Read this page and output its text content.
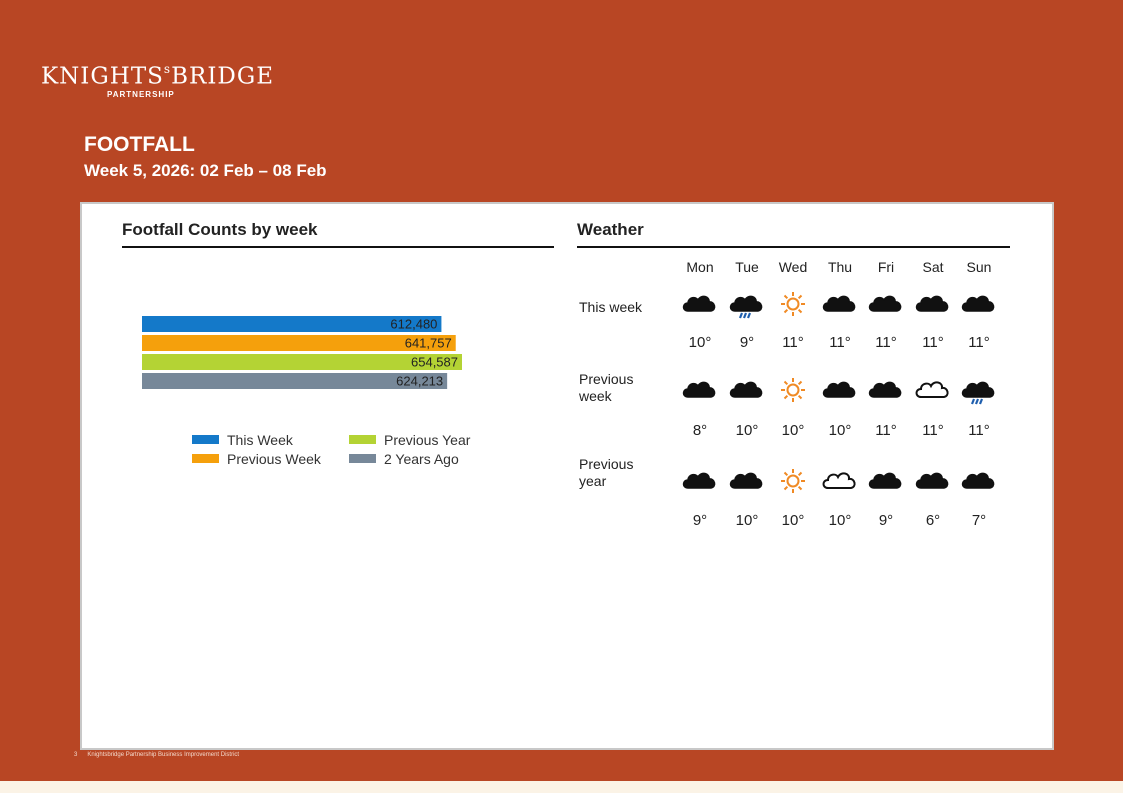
KNIGHTS$^s$BRIDGE
PARTNERSHIP
FOOTFALL
Week 5, 2026: 02 Feb – 08 Feb
Footfall Counts by week
612,480
641,757
654,587
624,213
This Week	Previous Year
Previous Week	2 Years Ago
Weather
Mon	Tue	Wed	Thu	Fri	Sat	Sun
This week
10°	9°	11°	11°	11°	11°	11°
Previous
week
8°	10°	10°	10°	11°	11°	11°
Previous
year
9°	10°	10°	10°	9°	6°	7°
3 Knightsbridge Partnership Business Improvement District
